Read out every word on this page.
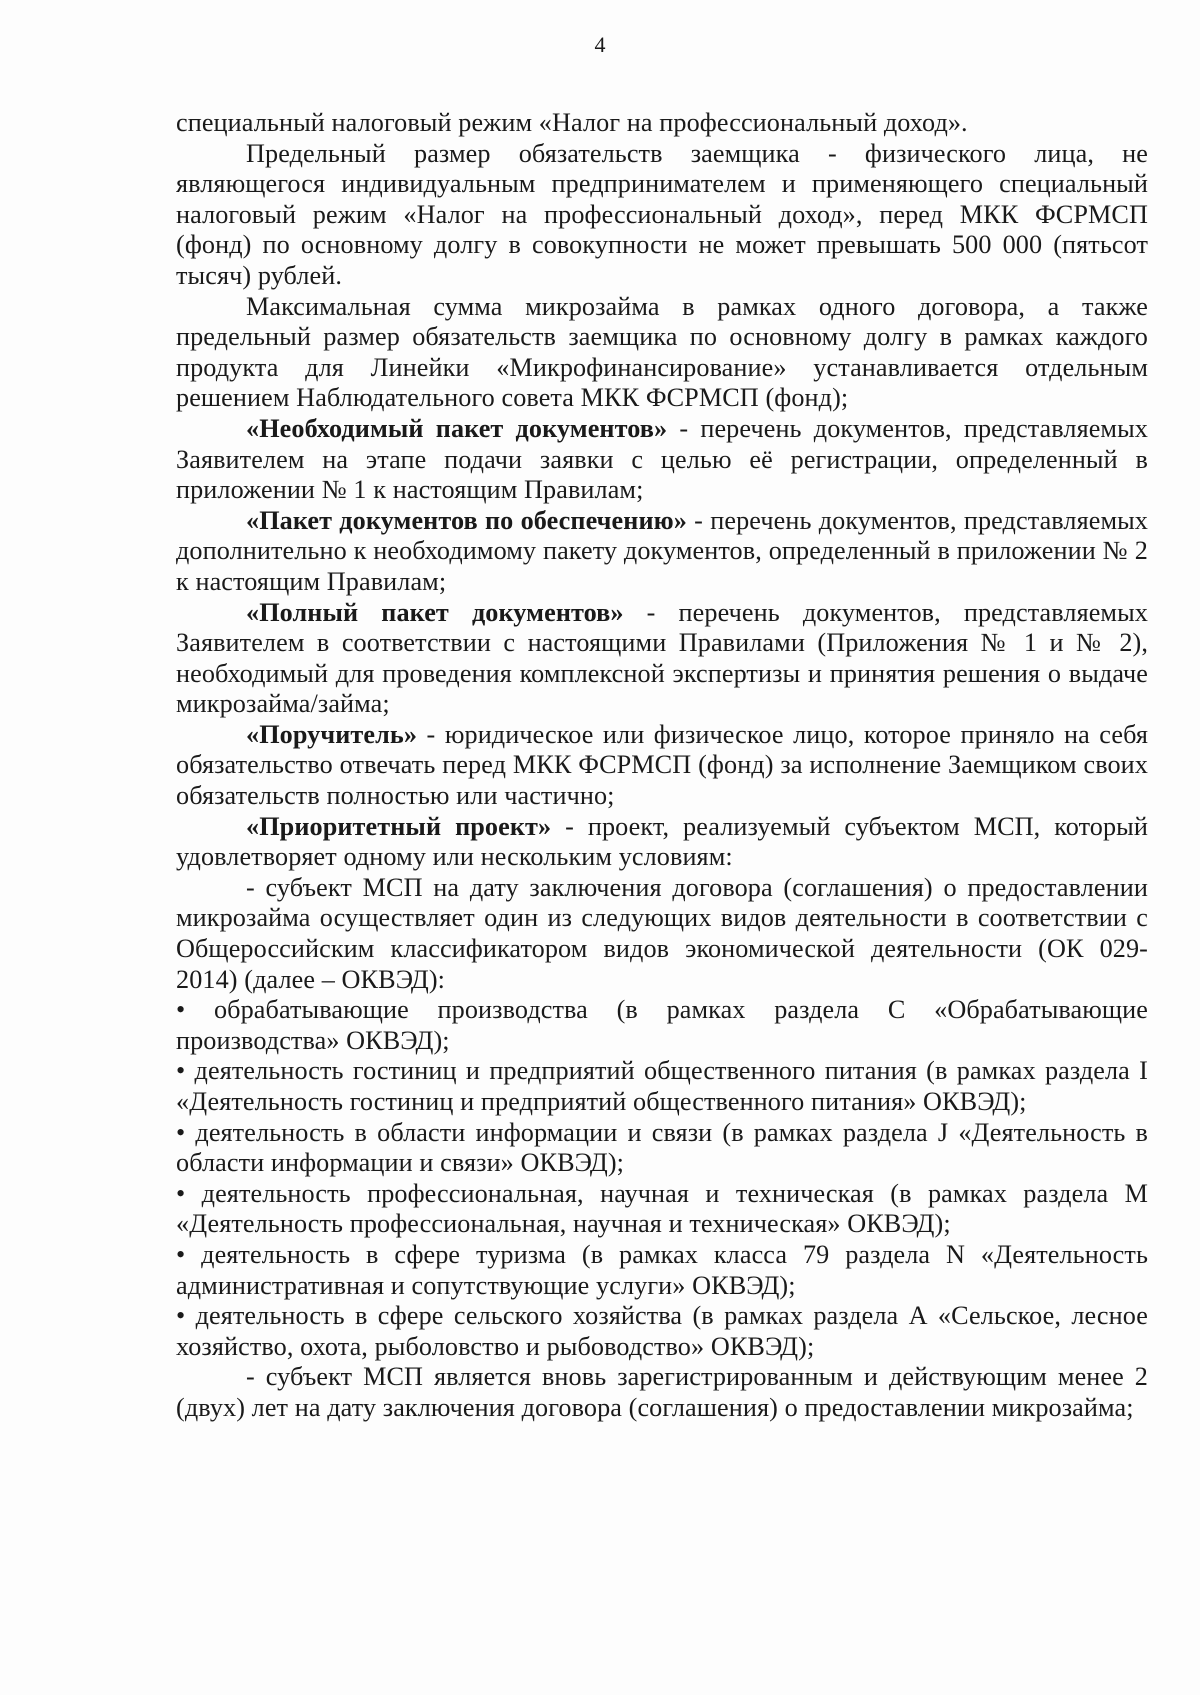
4

специальный налоговый режим «Налог на профессиональный доход».

Предельный размер обязательств заемщика - физического лица, не являющегося индивидуальным предпринимателем и применяющего специальный налоговый режим «Налог на профессиональный доход», перед МКК ФСРМСП (фонд) по основному долгу в совокупности не может превышать 500 000 (пятьсот тысяч) рублей.

Максимальная сумма микрозайма в рамках одного договора, а также предельный размер обязательств заемщика по основному долгу в рамках каждого продукта для Линейки «Микрофинансирование» устанавливается отдельным решением Наблюдательного совета МКК ФСРМСП (фонд);

«Необходимый пакет документов» - перечень документов, представляемых Заявителем на этапе подачи заявки с целью её регистрации, определенный в приложении № 1 к настоящим Правилам;

«Пакет документов по обеспечению» - перечень документов, представляемых дополнительно к необходимому пакету документов, определенный в приложении № 2 к настоящим Правилам;

«Полный пакет документов» - перечень документов, представляемых Заявителем в соответствии с настоящими Правилами (Приложения № 1 и № 2), необходимый для проведения комплексной экспертизы и принятия решения о выдаче микрозайма/займа;

«Поручитель» - юридическое или физическое лицо, которое приняло на себя обязательство отвечать перед МКК ФСРМСП (фонд) за исполнение Заемщиком своих обязательств полностью или частично;

«Приоритетный проект» - проект, реализуемый субъектом МСП, который удовлетворяет одному или нескольким условиям:

- субъект МСП на дату заключения договора (соглашения) о предоставлении микрозайма осуществляет один из следующих видов деятельности в соответствии с Общероссийским классификатором видов экономической деятельности (ОК 029-2014) (далее – ОКВЭД):

• обрабатывающие производства (в рамках раздела С «Обрабатывающие производства» ОКВЭД);

• деятельность гостиниц и предприятий общественного питания (в рамках раздела I «Деятельность гостиниц и предприятий общественного питания» ОКВЭД);

• деятельность в области информации и связи (в рамках раздела J «Деятельность в области информации и связи» ОКВЭД);

• деятельность профессиональная, научная и техническая (в рамках раздела М «Деятельность профессиональная, научная и техническая» ОКВЭД);

• деятельность в сфере туризма (в рамках класса 79 раздела N «Деятельность административная и сопутствующие услуги» ОКВЭД);

• деятельность в сфере сельского хозяйства (в рамках раздела А «Сельское, лесное хозяйство, охота, рыболовство и рыбоводство» ОКВЭД);

- субъект МСП является вновь зарегистрированным и действующим менее 2 (двух) лет на дату заключения договора (соглашения) о предоставлении микрозайма;
